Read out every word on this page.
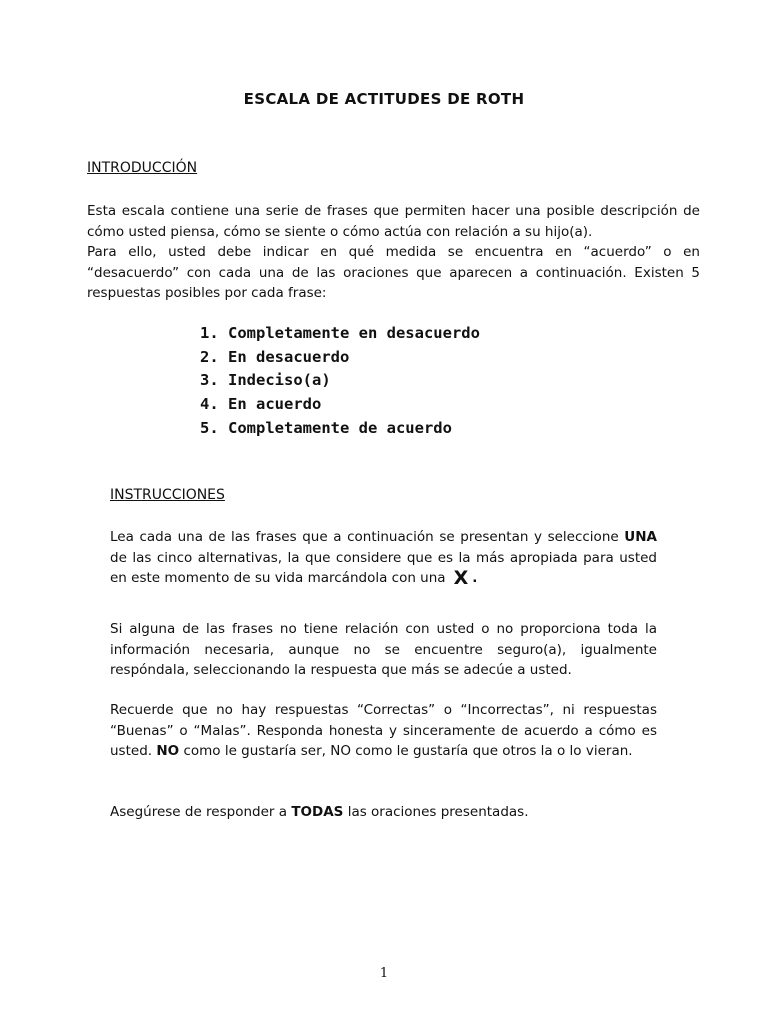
ESCALA DE ACTITUDES DE ROTH
INTRODUCCIÓN
Esta escala contiene una serie de frases que permiten hacer una posible descripción de cómo usted piensa, cómo se siente o cómo actúa con relación a su hijo(a).
Para ello, usted debe indicar en qué medida se encuentra en “acuerdo” o en “desacuerdo” con cada una de las oraciones que aparecen a continuación. Existen 5 respuestas posibles por cada frase:
1. Completamente en desacuerdo
2. En desacuerdo
3. Indeciso(a)
4. En acuerdo
5. Completamente de acuerdo
INSTRUCCIONES

Lea cada una de las frases que a continuación se presentan y seleccione UNA de las cinco alternativas, la que considere que es la más apropiada para usted en este momento de su vida marcándola con una X .

Si alguna de las frases no tiene relación con usted o no proporciona toda la información necesaria, aunque no se encuentre seguro(a), igualmente respóndala, seleccionando la respuesta que más se adecúe a usted.

Recuerde que no hay respuestas “Correctas” o “Incorrectas”, ni respuestas “Buenas” o “Malas”. Responda honesta y sinceramente de acuerdo a cómo es usted. NO como le gustaría ser, NO como le gustaría que otros la o lo vieran.

Asegúrese de responder a TODAS las oraciones presentadas.

1
